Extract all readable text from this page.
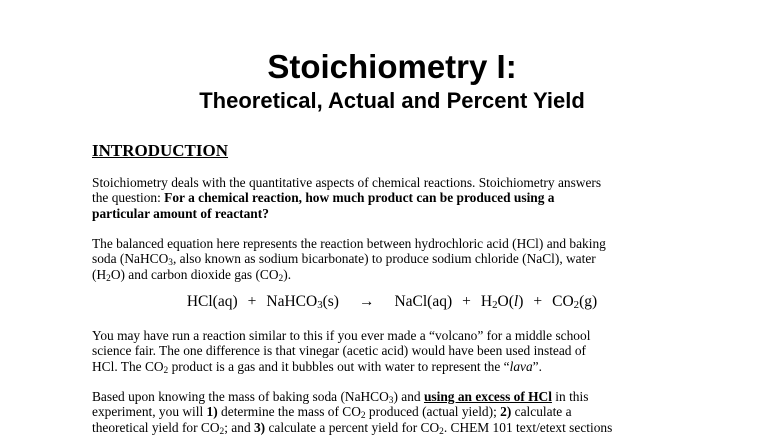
Stoichiometry I:
Theoretical, Actual and Percent Yield
INTRODUCTION

Stoichiometry deals with the quantitative aspects of chemical reactions. Stoichiometry answers
the question: For a chemical reaction, how much product can be produced using a
particular amount of reactant?

The balanced equation here represents the reaction between hydrochloric acid (HCl) and baking
soda (NaHCO$_3$, also known as sodium bicarbonate) to produce sodium chloride (NaCl), water
$(H_2O)$ and carbon dioxide gas $(CO_2)$.

HCl(aq) + NaHCO$_3$(s) → NaCl(aq) + $H_2O(l) + CO_2(g)$

You may have run a reaction similar to this if you ever made a “volcano” for a middle school
science fair. The one difference is that vinegar (acetic acid) would have been used instead of
HCl. The $CO_2$ product is a gas and it bubbles out with water to represent the “lava”.

Based upon knowing the mass of baking soda (NaHCO$_3$) and using an excess of HCl in this
experiment, you will 1) determine the mass of $CO_2$ produced (actual yield); 2) calculate a
theoretical yield for $CO_2$; and 3) calculate a percent yield for $CO_2$. CHEM 101 text/etext sections
